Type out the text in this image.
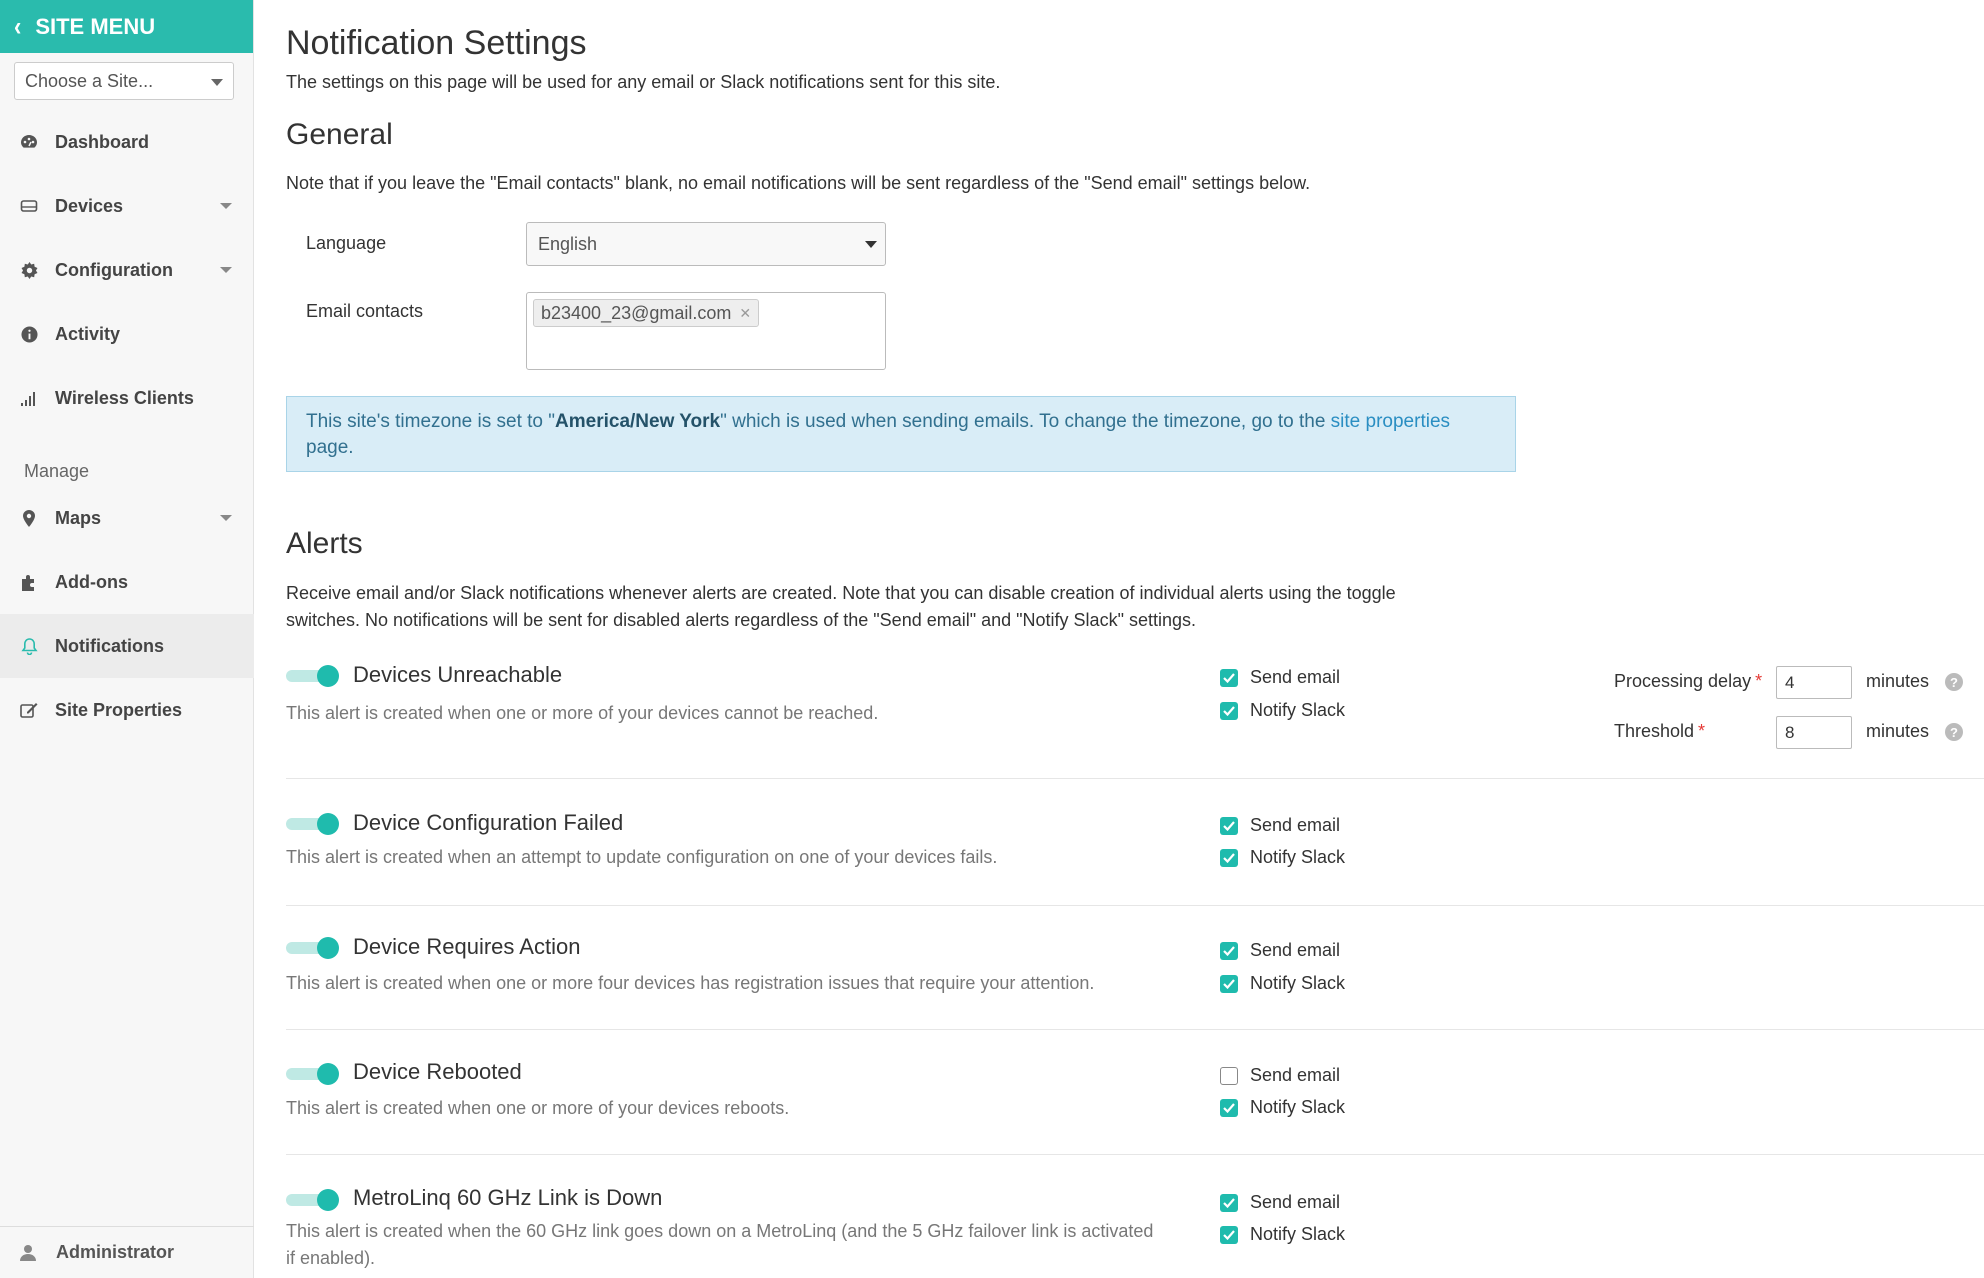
‹ SITE MENU
Choose a Site...
Dashboard
Devices
Configuration
Activity
Wireless Clients
Manage
Maps
Add-ons
Notifications
Site Properties
Administrator
Notification Settings
The settings on this page will be used for any email or Slack notifications sent for this site.
General
Note that if you leave the "Email contacts" blank, no email notifications will be sent regardless of the "Send email" settings below.
Language	English
Email contacts	b23400_23@gmail.com ✕
This site's timezone is set to "America/New York" which is used when sending emails. To change the timezone, go to the site properties page.
Alerts
Receive email and/or Slack notifications whenever alerts are created. Note that you can disable creation of individual alerts using the toggle switches. No notifications will be sent for disabled alerts regardless of the "Send email" and "Notify Slack" settings.
Devices Unreachable
This alert is created when one or more of your devices cannot be reached.
Send email
Notify Slack
Processing delay *
4	minutes	?
Threshold *
8	minutes	?
Device Configuration Failed
This alert is created when an attempt to update configuration on one of your devices fails.
Send email
Notify Slack
Device Requires Action
This alert is created when one or more four devices has registration issues that require your attention.
Send email
Notify Slack
Device Rebooted
This alert is created when one or more of your devices reboots.
Send email
Notify Slack
MetroLinq 60 GHz Link is Down
This alert is created when the 60 GHz link goes down on a MetroLinq (and the 5 GHz failover link is activated if enabled).
Send email
Notify Slack
